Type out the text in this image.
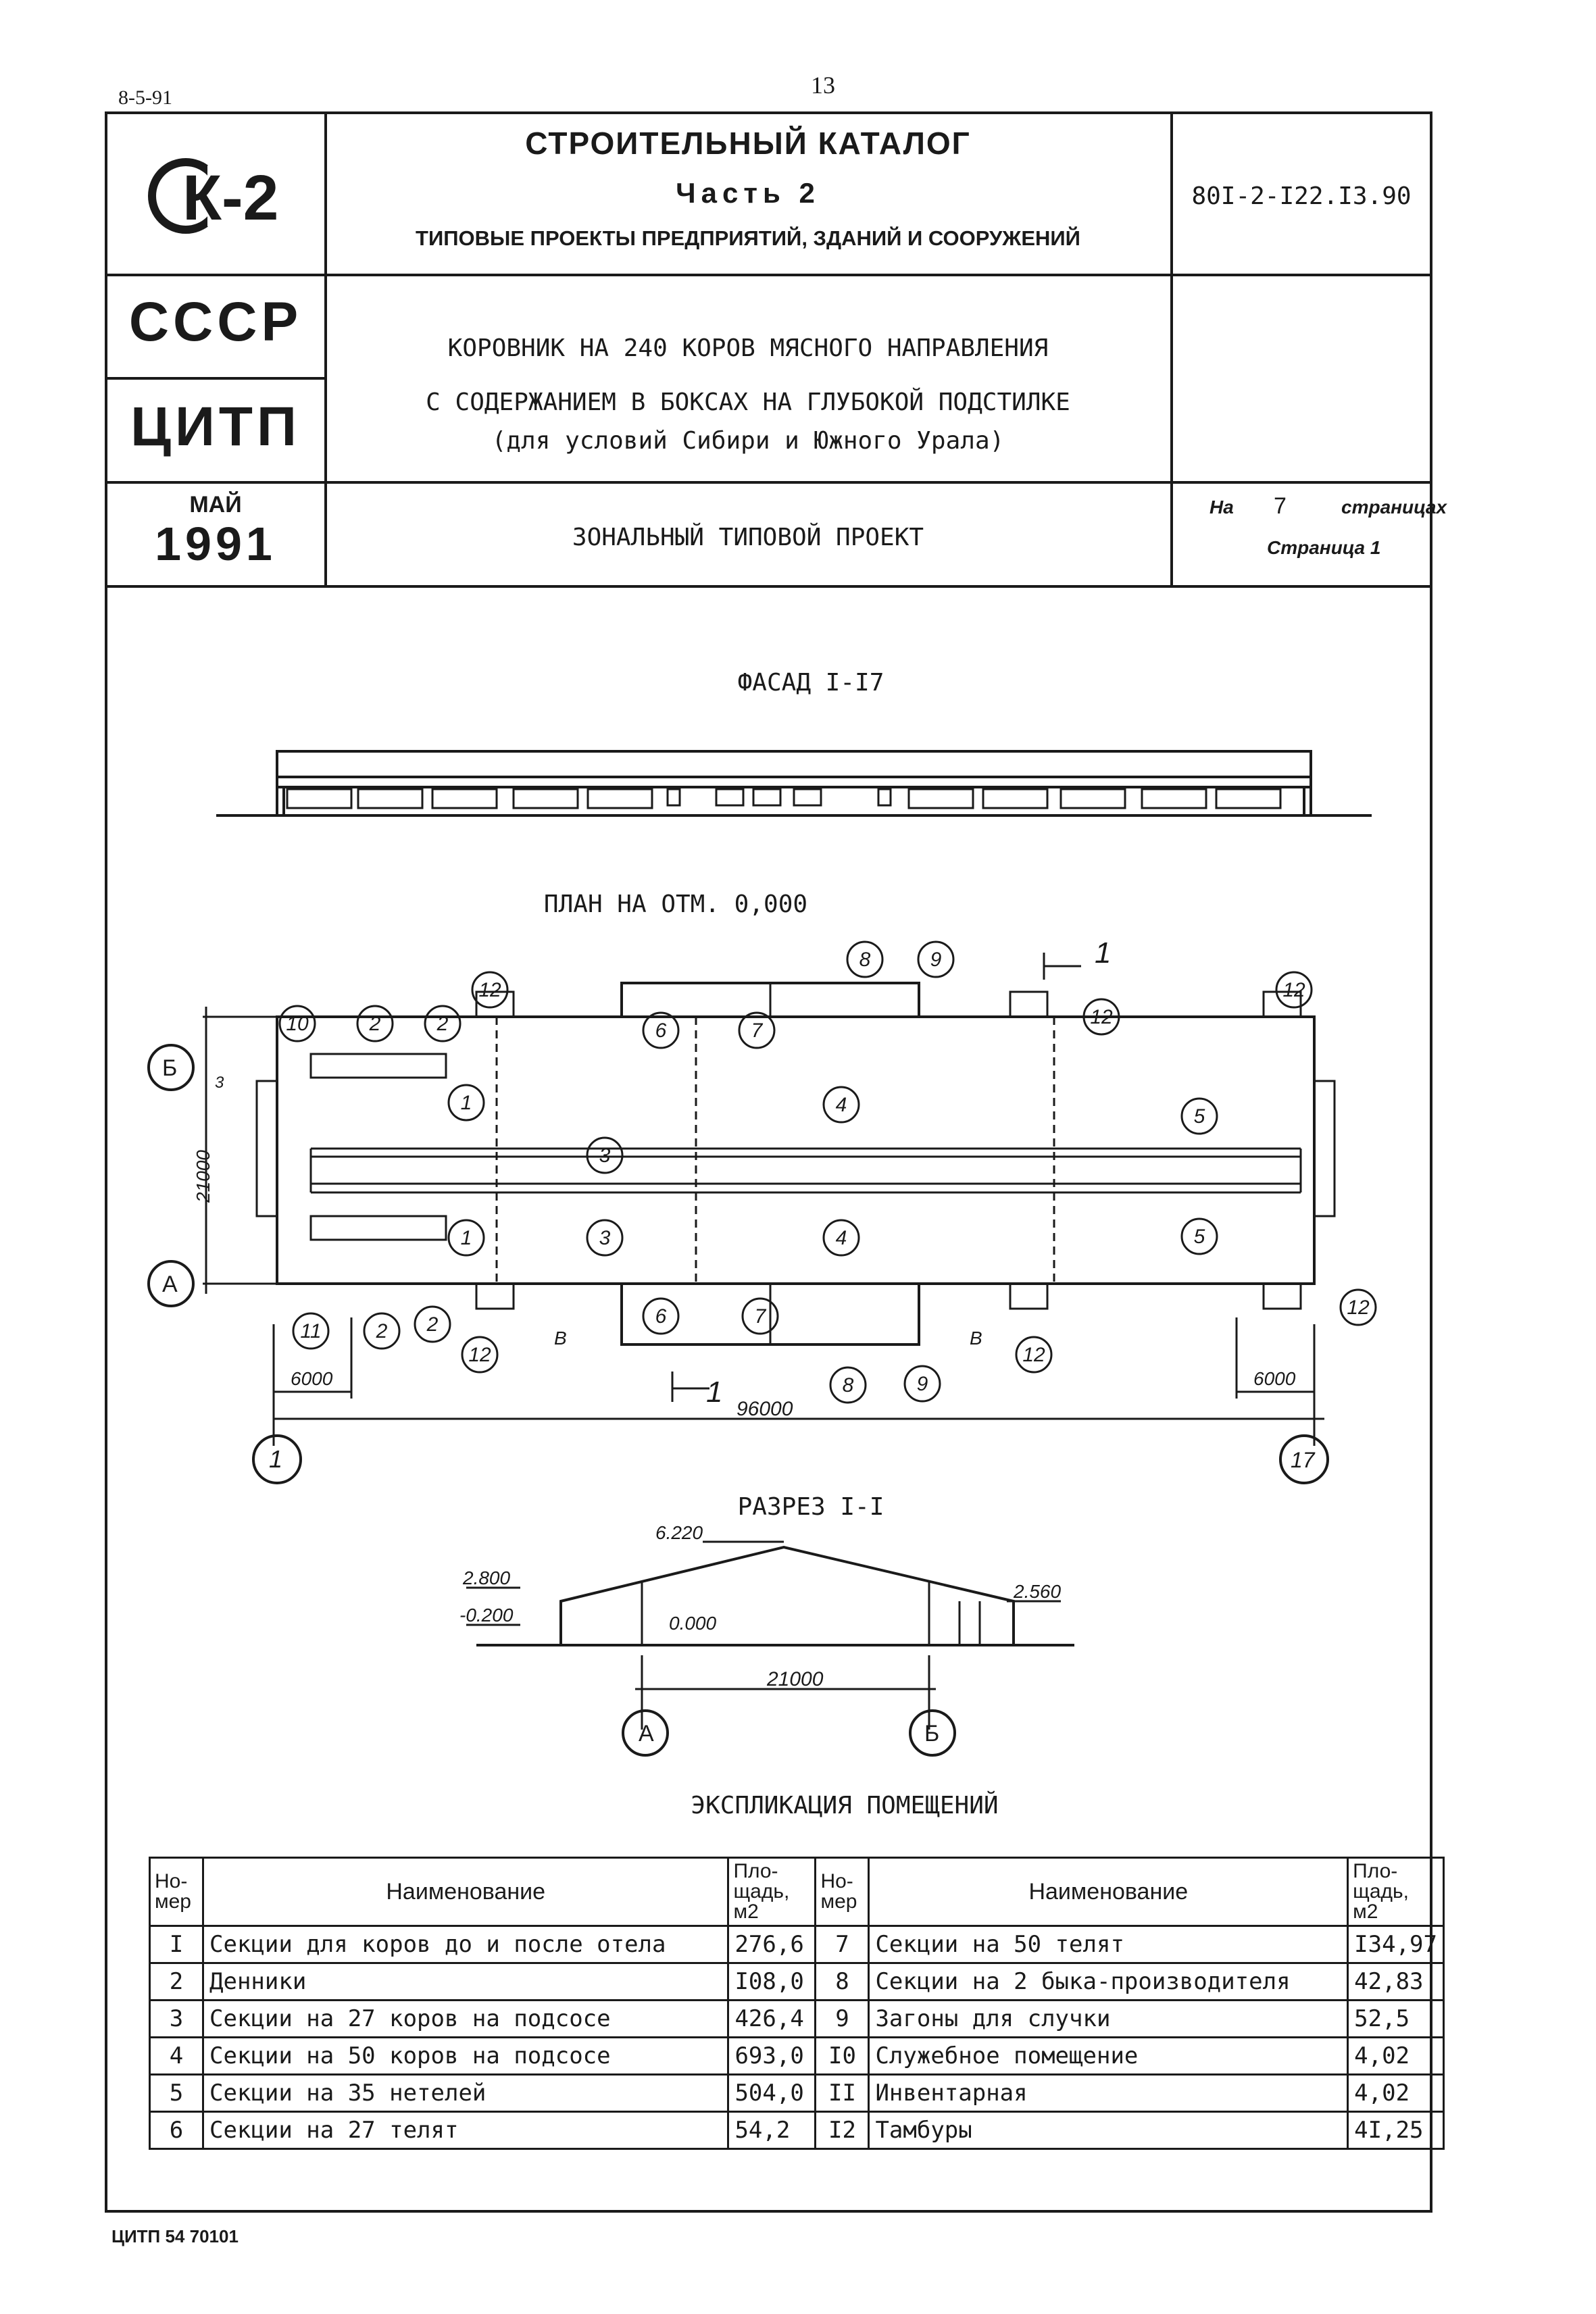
8-5-91	13
К-2
СТРОИТЕЛЬНЫЙ КАТАЛОГ
Часть 2
ТИПОВЫЕ ПРОЕКТЫ ПРЕДПРИЯТИЙ, ЗДАНИЙ И СООРУЖЕНИЙ
80I-2-I22.I3.90
СССР
ЦИТП
КОРОВНИК НА 240 КОРОВ МЯСНОГО НАПРАВЛЕНИЯ
С СОДЕРЖАНИЕМ В БОКСАХ НА ГЛУБОКОЙ ПОДСТИЛКЕ
(для условий Сибири и Южного Урала)
МАЙ
1991	ЗОНАЛЬНЫЙ ТИПОВОЙ ПРОЕКТ
На 7	страницах
Страница 1
ФАСАД I-I7
ПЛАН НА ОТМ. 0,000
РАЗРЕЗ I-I
ЭКСПЛИКАЦИЯ ПОМЕЩЕНИЙ
96000
6000	6000
21000
3
В	В
1
1
1	17
Б
А
А	Б
6.220
2.800
-0.200	0.000
2.560
21000
10	2	2
12
1
3
4
5
6	7
8	9
12
12
1	3	4	5
11	2 2
12
6	7
8	9
12
12
Но-мер	Наименование	Пло-щадь, м2	Но-мер	Наименование	Пло-щадь, м2
I	Секции для коров до и после отела	276,6	7	Секции на 50 телят	I34,97
2	Денники	I08,0	8	Секции на 2 быка-производителя	42,83
3	Секции на 27 коров на подсосе	426,4	9	Загоны для случки	52,5
4	Секции на 50 коров на подсосе	693,0	I0	Служебное помещение	4,02
5	Секции на 35 нетелей	504,0	II	Инвентарная	4,02
6	Секции на 27 телят	54,2	I2	Тамбуры	4I,25
ЦИТП 54 70101
